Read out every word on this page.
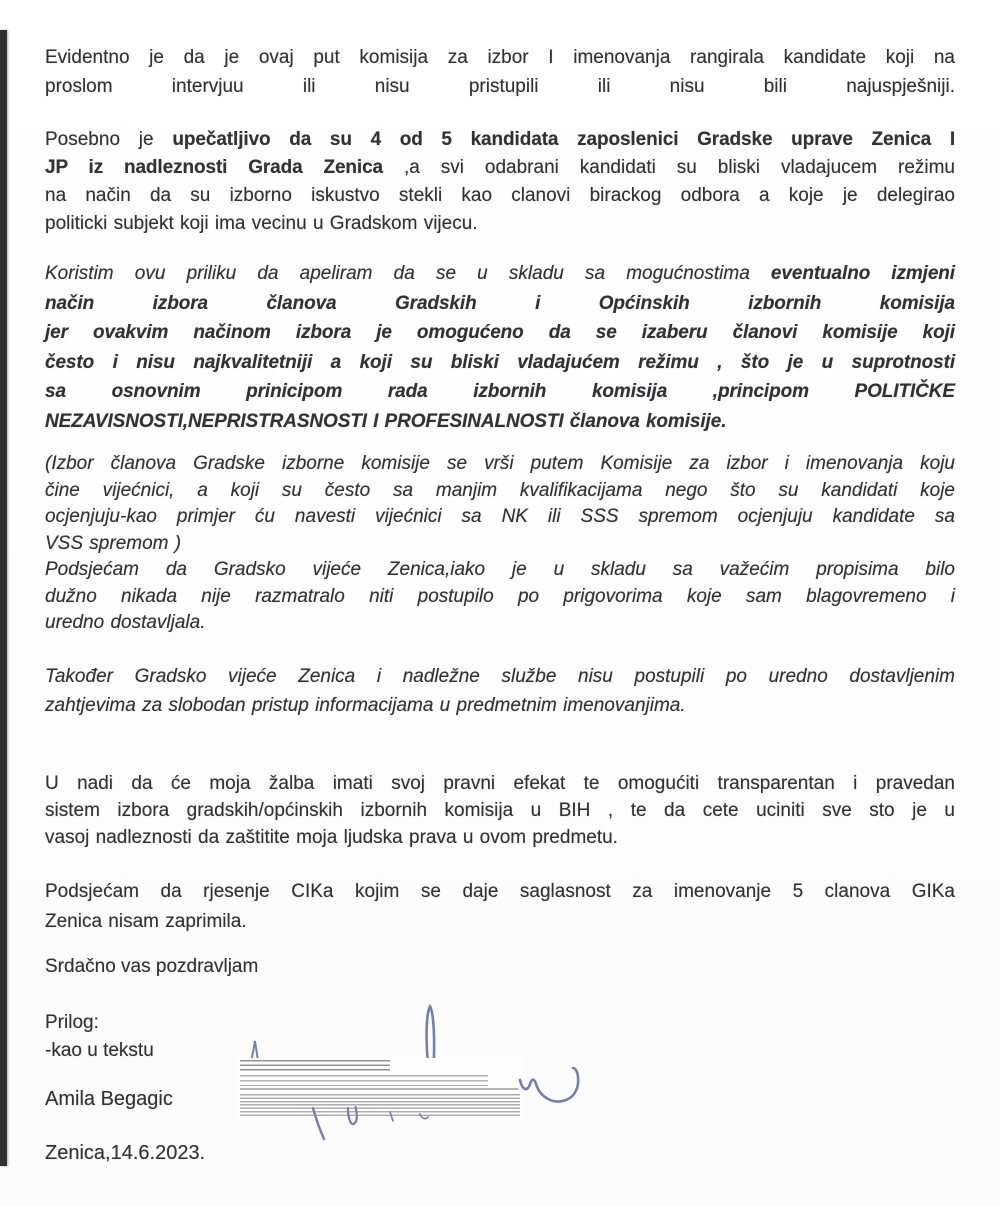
Evidentno je da je ovaj put komisija za izbor I imenovanja rangirala kandidate koji na
proslom intervjuu ili nisu pristupili ili nisu bili najuspješniji.
Posebno je upečatljivo da su 4 od 5 kandidata zaposlenici Gradske uprave Zenica I
JP iz nadleznosti Grada Zenica ,a svi odabrani kandidati su bliski vladajucem režimu
na način da su izborno iskustvo stekli kao clanovi birackog odbora a koje je delegirao
politicki subjekt koji ima vecinu u Gradskom vijecu.
Koristim ovu priliku da apeliram da se u skladu sa mogućnostima eventualno izmjeni
način izbora članova Gradskih i Općinskih izbornih komisija
jer ovakvim načinom izbora je omogućeno da se izaberu članovi komisije koji
često i nisu najkvalitetniji a koji su bliski vladajućem režimu , što je u suprotnosti
sa osnovnim prinicipom rada izbornih komisija ,principom POLITIČKE
NEZAVISNOSTI,NEPRISTRASNOSTI I PROFESINALNOSTI članova komisije.
(Izbor članova Gradske izborne komisije se vrši putem Komisije za izbor i imenovanja koju
čine vijećnici, a koji su često sa manjim kvalifikacijama nego što su kandidati koje
ocjenjuju-kao primjer ću navesti vijećnici sa NK ili SSS spremom ocjenjuju kandidate sa
VSS spremom )
Podsjećam da Gradsko vijeće Zenica,iako je u skladu sa važećim propisima bilo
dužno nikada nije razmatralo niti postupilo po prigovorima koje sam blagovremeno i
uredno dostavljala.
Također Gradsko vijeće Zenica i nadležne službe nisu postupili po uredno dostavljenim
zahtjevima za slobodan pristup informacijama u predmetnim imenovanjima.
U nadi da će moja žalba imati svoj pravni efekat te omogućiti transparentan i pravedan
sistem izbora gradskih/općinskih izbornih komisija u BIH , te da cete uciniti sve sto je u
vasoj nadleznosti da zaštitite moja ljudska prava u ovom predmetu.
Podsjećam da rjesenje CIKa kojim se daje saglasnost za imenovanje 5 clanova GIKa
Zenica nisam zaprimila.
Srdačno vas pozdravljam
Prilog:
-kao u tekstu
Amila Begagic
Zenica,14.6.2023.
